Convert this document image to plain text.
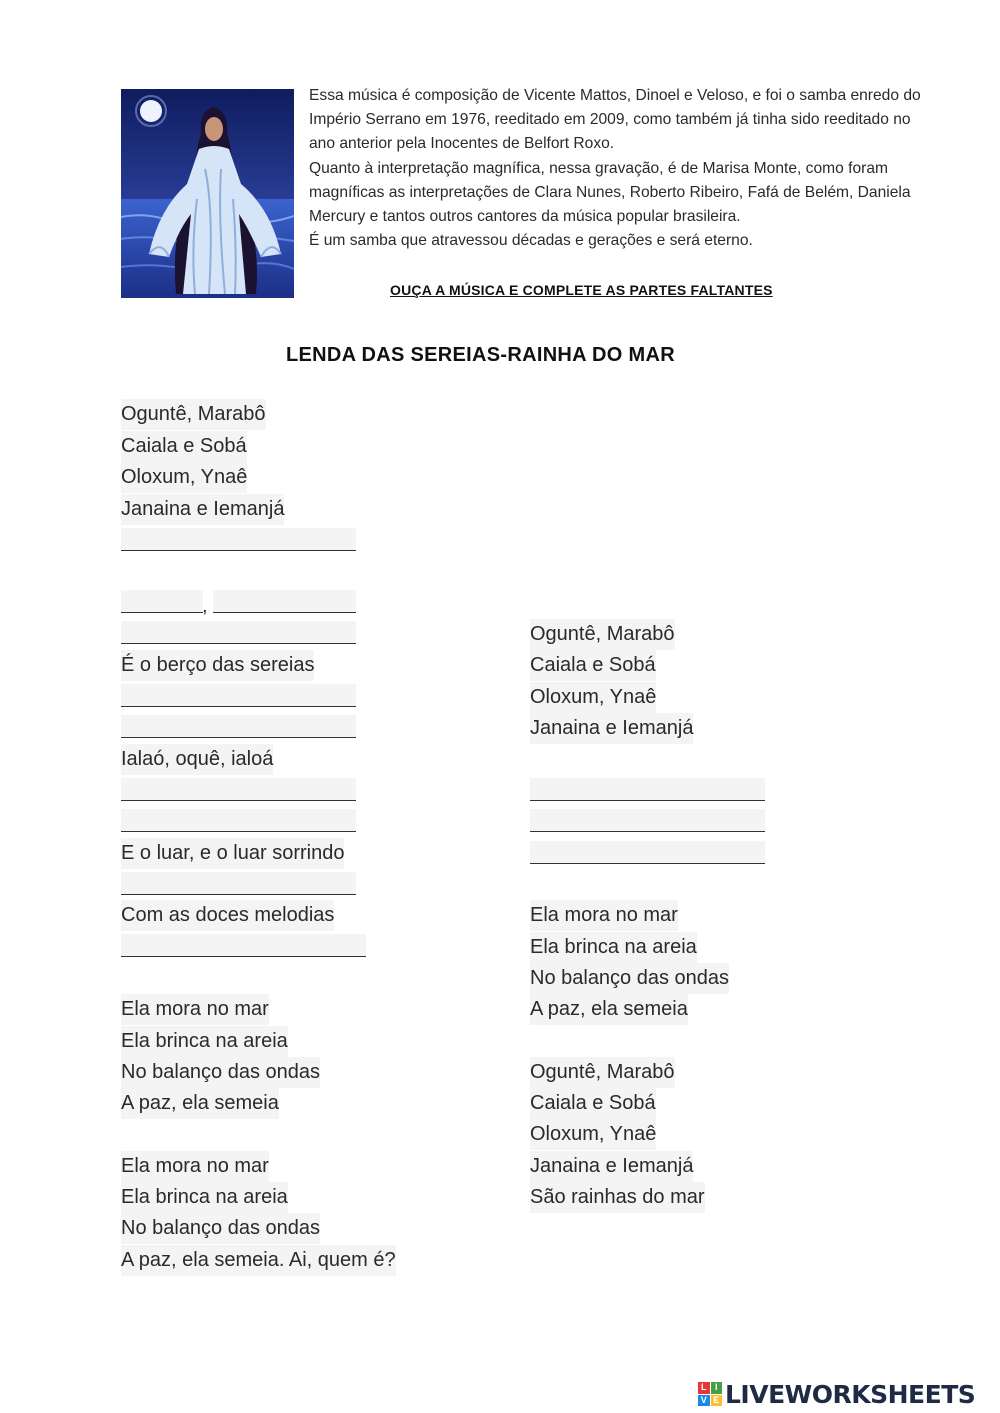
Essa música é composição de Vicente Mattos, Dinoel e Veloso, e foi o samba enredo do Império Serrano em 1976, reeditado em 2009, como também já tinha sido reeditado no ano anterior pela Inocentes de Belfort Roxo.

Quanto à interpretação magnífica, nessa gravação, é de Marisa Monte, como foram magníficas as interpretações de Clara Nunes, Roberto Ribeiro, Fafá de Belém, Daniela Mercury e tantos outros cantores da música popular brasileira.

É um samba que atravessou décadas e gerações e será eterno.

OUÇA A MÚSICA E COMPLETE AS PARTES FALTANTES
LENDA DAS SEREIAS-RAINHA DO MAR
Oguntê, Marabô
Caiala e Sobá
Oloxum, Ynaê
Janaina e Iemanjá
,
É o berço das sereias
Ialaó, oquê, ialoá
E o luar, e o luar sorrindo
Com as doces melodias
Ela mora no mar
Ela brinca na areia
No balanço das ondas
A paz, ela semeia
Ela mora no mar
Ela brinca na areia
No balanço das ondas
A paz, ela semeia. Ai, quem é?
Oguntê, Marabô
Caiala e Sobá
Oloxum, Ynaê
Janaina e Iemanjá
Ela mora no mar
Ela brinca na areia
No balanço das ondas
A paz, ela semeia
Oguntê, Marabô
Caiala e Sobá
Oloxum, Ynaê
Janaina e Iemanjá
São rainhas do mar
L I
V E LIVEWORKSHEETS
